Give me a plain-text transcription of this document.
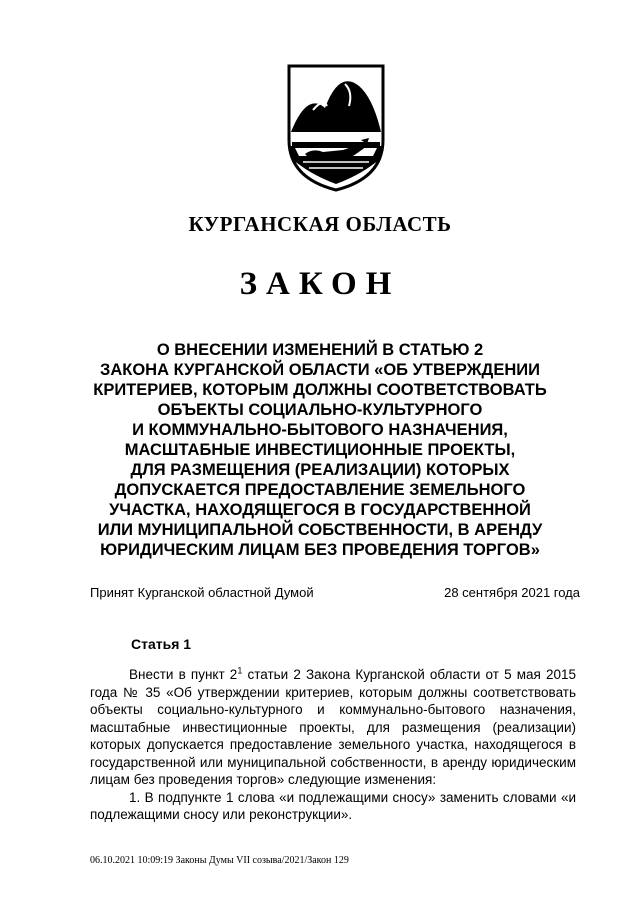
КУРГАНСКАЯ ОБЛАСТЬ
ЗАКОН
О ВНЕСЕНИИ ИЗМЕНЕНИЙ В СТАТЬЮ 2
ЗАКОНА КУРГАНСКОЙ ОБЛАСТИ «ОБ УТВЕРЖДЕНИИ
КРИТЕРИЕВ, КОТОРЫМ ДОЛЖНЫ СООТВЕТСТВОВАТЬ
ОБЪЕКТЫ СОЦИАЛЬНО-КУЛЬТУРНОГО
И КОММУНАЛЬНО-БЫТОВОГО НАЗНАЧЕНИЯ,
МАСШТАБНЫЕ ИНВЕСТИЦИОННЫЕ ПРОЕКТЫ,
ДЛЯ РАЗМЕЩЕНИЯ (РЕАЛИЗАЦИИ) КОТОРЫХ
ДОПУСКАЕТСЯ ПРЕДОСТАВЛЕНИЕ ЗЕМЕЛЬНОГО
УЧАСТКА, НАХОДЯЩЕГОСЯ В ГОСУДАРСТВЕННОЙ
ИЛИ МУНИЦИПАЛЬНОЙ СОБСТВЕННОСТИ, В АРЕНДУ
ЮРИДИЧЕСКИМ ЛИЦАМ БЕЗ ПРОВЕДЕНИЯ ТОРГОВ»
Принят Курганской областной Думой	28 сентября 2021 года
Статья 1

Внести в пункт $2^1$ статьи 2 Закона Курганской области от 5 мая 2015 года № 35 «Об утверждении критериев, которым должны соответствовать объекты социально-культурного и коммунально-бытового назначения, масштабные инвестиционные проекты, для размещения (реализации) которых допускается предоставление земельного участка, находящегося в государственной или муниципальной собственности, в аренду юридическим лицам без проведения торгов» следующие изменения:

1. В подпункте 1 слова «и подлежащими сносу» заменить словами «и подлежащими сносу или реконструкции».

06.10.2021 10:09:19 Законы Думы VII созыва/2021/Закон 129
